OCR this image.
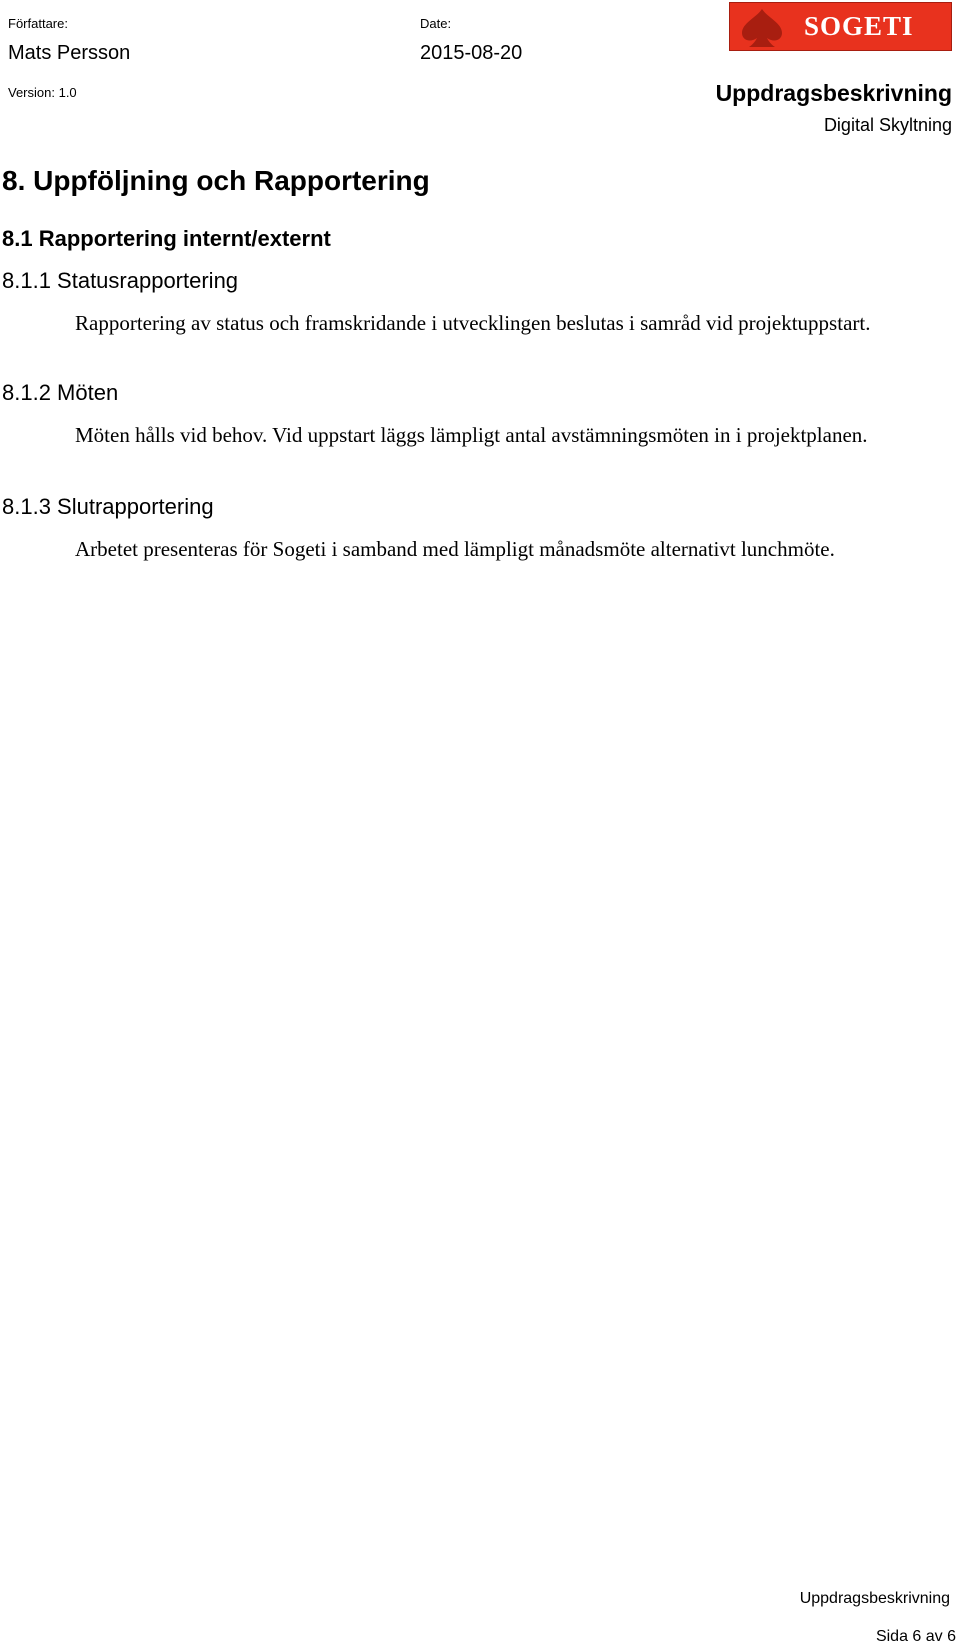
Författare:
Mats Persson
Date:
2015-08-20
Version: 1.0
SOGETI
Uppdragsbeskrivning
Digital Skyltning
8. Uppföljning och Rapportering
8.1 Rapportering internt/externt
8.1.1 Statusrapportering
Rapportering av status och framskridande i utvecklingen beslutas i samråd vid projektuppstart.
8.1.2 Möten
Möten hålls vid behov. Vid uppstart läggs lämpligt antal avstämningsmöten in i projektplanen.
8.1.3 Slutrapportering
Arbetet presenteras för Sogeti i samband med lämpligt månadsmöte alternativt lunchmöte.
Uppdragsbeskrivning
Sida 6 av 6
